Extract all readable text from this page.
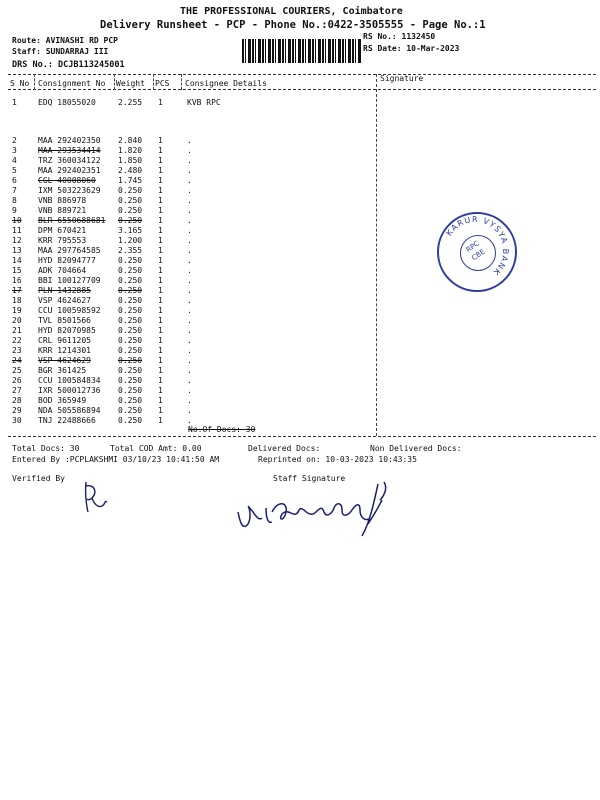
THE PROFESSIONAL COURIERS, Coimbatore
Delivery Runsheet - PCP - Phone No.:0422-3505555 - Page No.:1
Route: AVINASHI RD PCP
Staff: SUNDARRAJ III
DRS No.: DCJB113245001
RS No.: 1132450
RS Date: 10-Mar-2023
S No Consignment No Weight PCS Consignee Details
Signature
1	EDQ 18055020	2.255 1	KVB RPC
2	MAA 292402350 2.840 1	.
3	MAA 293534414 1.820 1	.
4	TRZ 360034122 1.850 1	.
5	MAA 292402351 2.480 1	.
6	CGL 40008060	1.745 1	.
7	IXM 503223629 0.250 1	.
8	VNB 886978	0.250 1	.
9	VNB 889721	0.250 1	.
10 BLR 6550688681 0.250 1	.
11 DPM 670421	3.165 1	.
12 KRR 795553	1.200 1	.
13 MAA 297764585 2.355 1	.
14 HYD 82094777	0.250 1	.
15 ADK 704664	0.250 1	.
16 BBI 100127709 0.250 1	.
17 PLN 1432885	0.250 1	.
18 VSP 4624627	0.250 1	.
19 CCU 100598592 0.250 1	.
20 TVL 8501566	0.250 1	.
21 HYD 82070985	0.250 1	.
22 CRL 9611205	0.250 1	.
23 KRR 1214301	0.250 1	.
24 VSP 4624629	0.250 1	.
25 BGR 361425	0.250 1	.
26 CCU 100584834 0.250 1	.
27 IXR 500012736 0.250 1	.
28 BOD 365949	0.250 1	.
29 NDA 505586894 0.250 1	.
30 TNJ 22488666	0.250 1	.
No.Of Docs: 30
KARUR VYSYA BANK
RPC
CBE
Total Docs: 30	Total COD Amt: 0.00	Delivered Docs:	Non Delivered Docs:
Entered By :PCPLAKSHMI 03/10/23 10:41:50 AM	Reprinted on: 10-03-2023 10:43:35
Verified By	Staff Signature
